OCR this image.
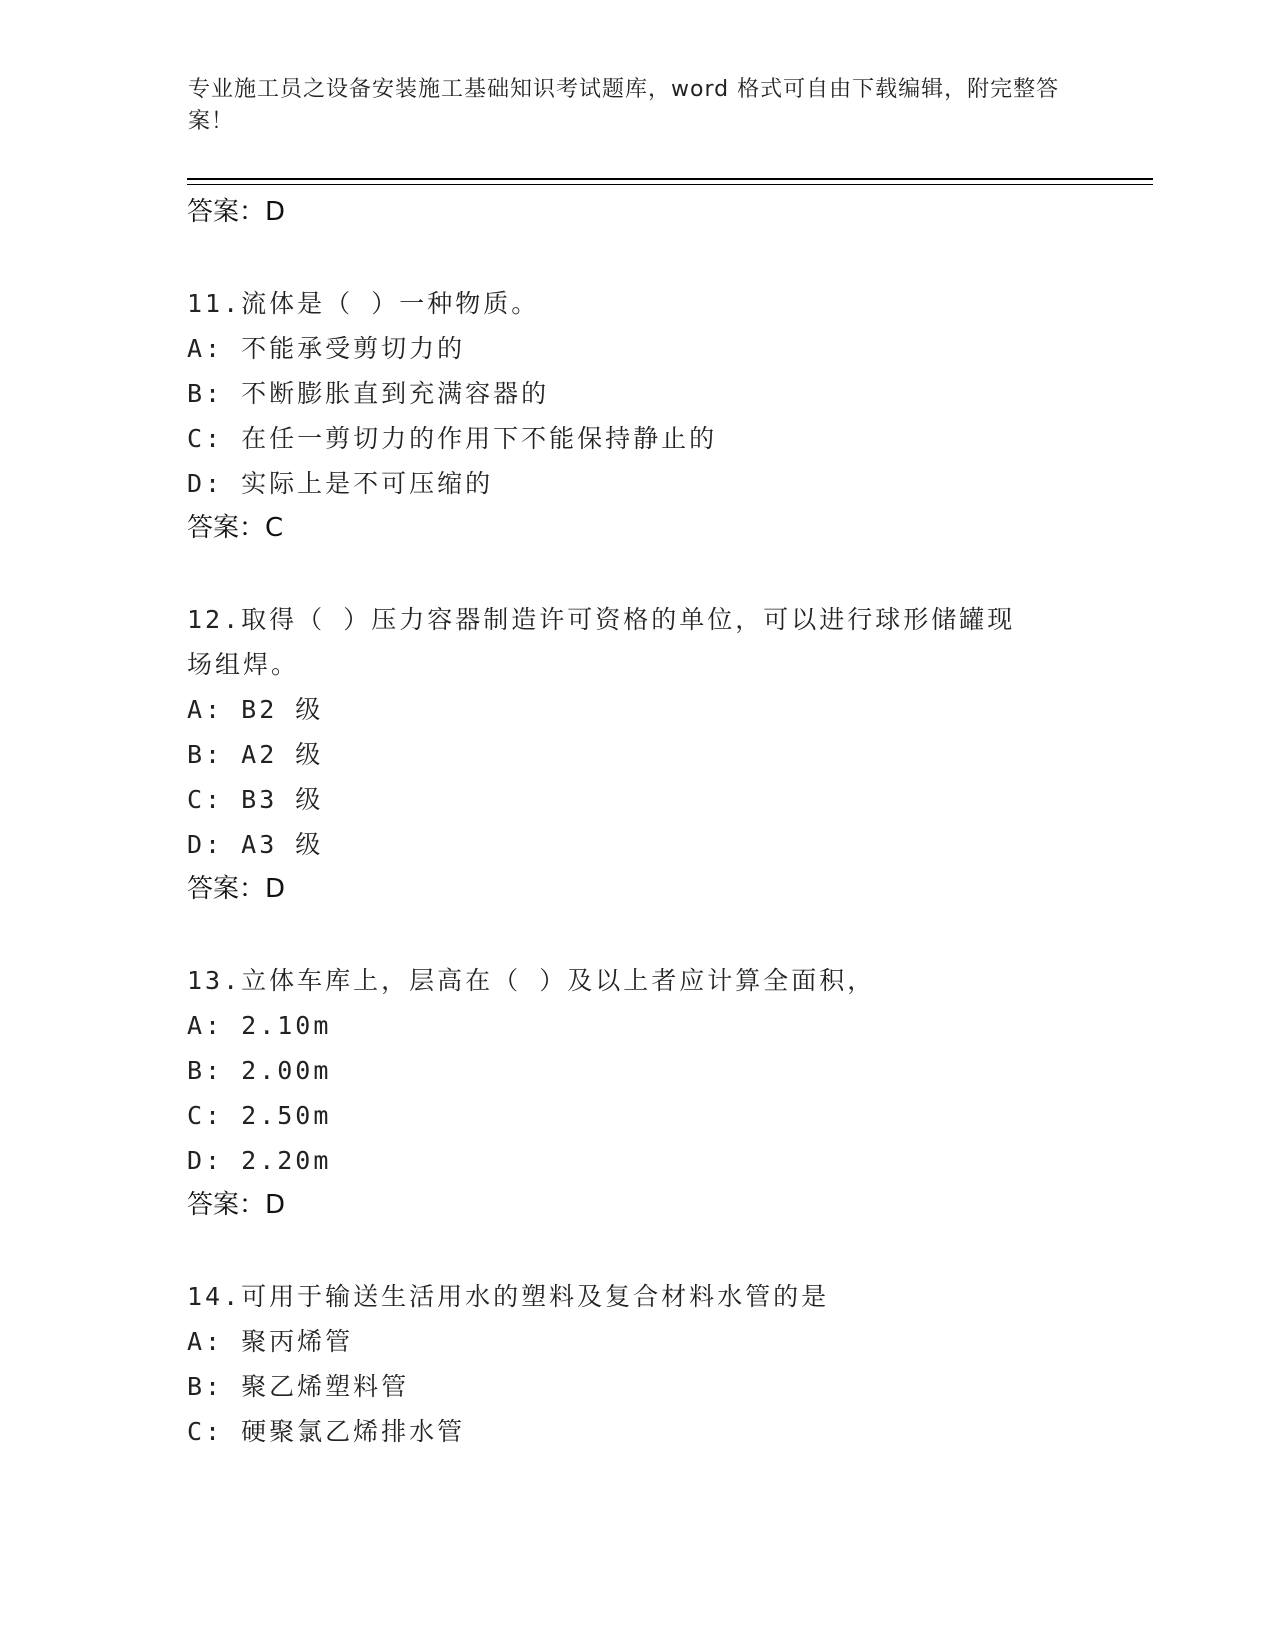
专业施工员之设备安装施工基础知识考试题库，word 格式可自由下载编辑，附完整答案！
答案：D
11.流体是（ ）一种物质。
A: 不能承受剪切力的
B: 不断膨胀直到充满容器的
C: 在任一剪切力的作用下不能保持静止的
D: 实际上是不可压缩的
答案：C
12.取得（ ）压力容器制造许可资格的单位，可以进行球形储罐现场组焊。
A: B2 级
B: A2 级
C: B3 级
D: A3 级
答案：D
13.立体车库上，层高在（ ）及以上者应计算全面积，
A: 2.10m
B: 2.00m
C: 2.50m
D: 2.20m
答案：D
14.可用于输送生活用水的塑料及复合材料水管的是
A: 聚丙烯管
B: 聚乙烯塑料管
C: 硬聚氯乙烯排水管
